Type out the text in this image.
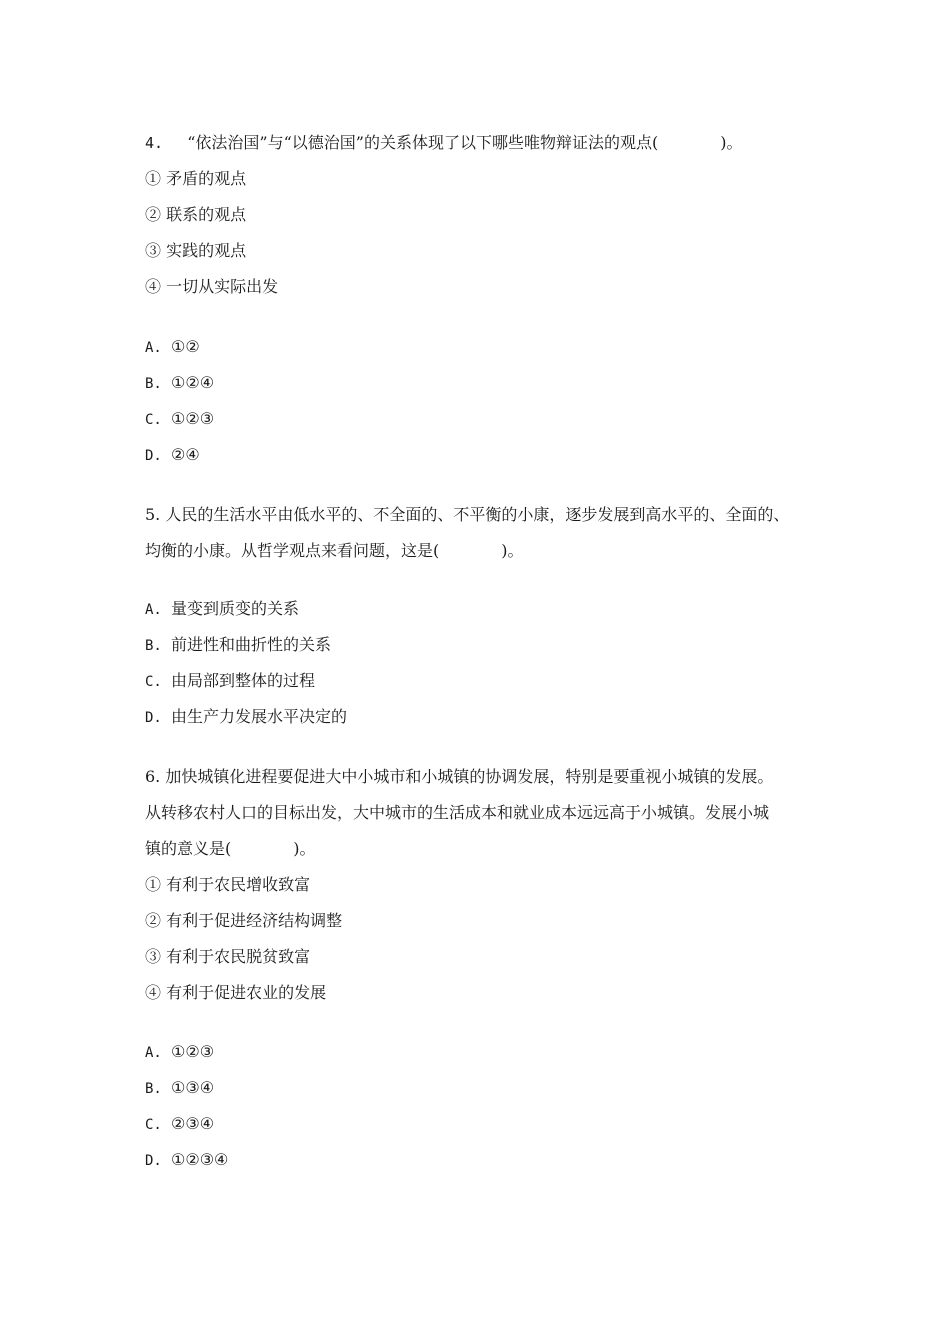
4. “依法治国”与“以德治国”的关系体现了以下哪些唯物辩证法的观点(	)。
① 矛盾的观点
② 联系的观点
③ 实践的观点
④ 一切从实际出发
A. ①②
B. ①②④
C. ①②③
D. ②④
5. 人民的生活水平由低水平的、不全面的、不平衡的小康，逐步发展到高水平的、全面的、
均衡的小康。从哲学观点来看问题，这是(	)。
A. 量变到质变的关系
B. 前进性和曲折性的关系
C. 由局部到整体的过程
D. 由生产力发展水平决定的
6. 加快城镇化进程要促进大中小城市和小城镇的协调发展，特别是要重视小城镇的发展。
从转移农村人口的目标出发，大中城市的生活成本和就业成本远远高于小城镇。发展小城
镇的意义是(	)。
① 有利于农民增收致富
② 有利于促进经济结构调整
③ 有利于农民脱贫致富
④ 有利于促进农业的发展
A. ①②③
B. ①③④
C. ②③④
D. ①②③④
